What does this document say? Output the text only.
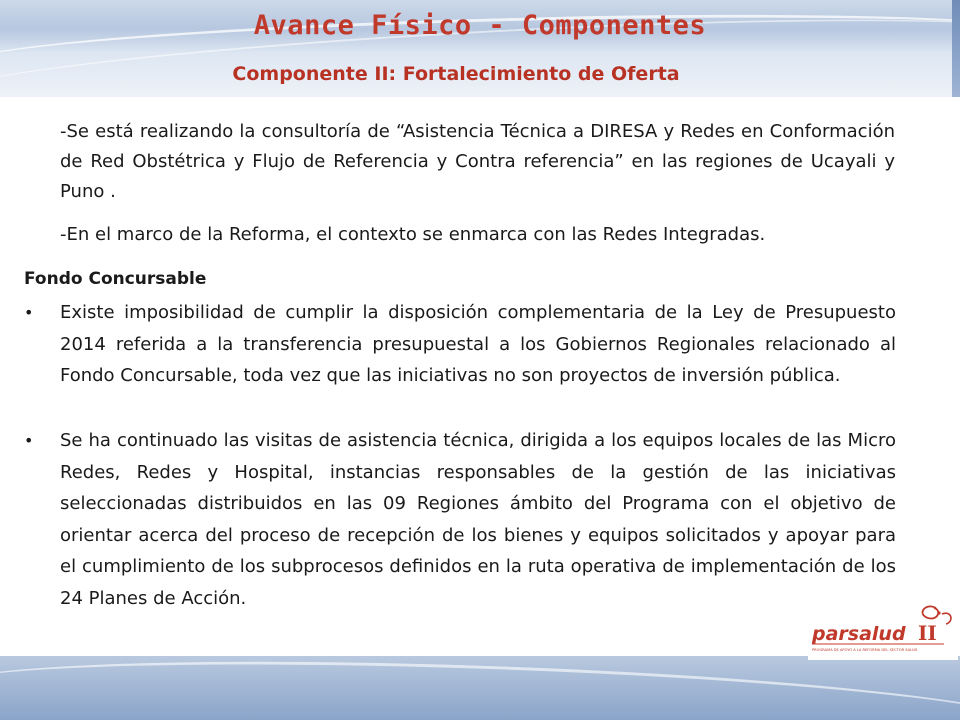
Avance Físico - Componentes
Componente II: Fortalecimiento de Oferta
-Se está realizando la consultoría de “Asistencia Técnica a DIRESA y Redes en Conformación de Red Obstétrica y Flujo de Referencia y Contra referencia” en las regiones de Ucayali y Puno .
-En el marco de la Reforma, el contexto se enmarca con las Redes Integradas.
Fondo Concursable
• Existe imposibilidad de cumplir la disposición complementaria de la Ley de Presupuesto 2014 referida a la transferencia presupuestal a los Gobiernos Regionales relacionado al Fondo Concursable, toda vez que las iniciativas no son proyectos de inversión pública.
• Se ha continuado las visitas de asistencia técnica, dirigida a los equipos locales de las Micro Redes, Redes y Hospital, instancias responsables de la gestión de las iniciativas seleccionadas distribuidos en las 09 Regiones ámbito del Programa con el objetivo de orientar acerca del proceso de recepción de los bienes y equipos solicitados y apoyar para el cumplimiento de los subprocesos definidos en la ruta operativa de implementación de los 24 Planes de Acción.
parsalud II
PROGRAMA DE APOYO A LA REFORMA DEL SECTOR SALUD
